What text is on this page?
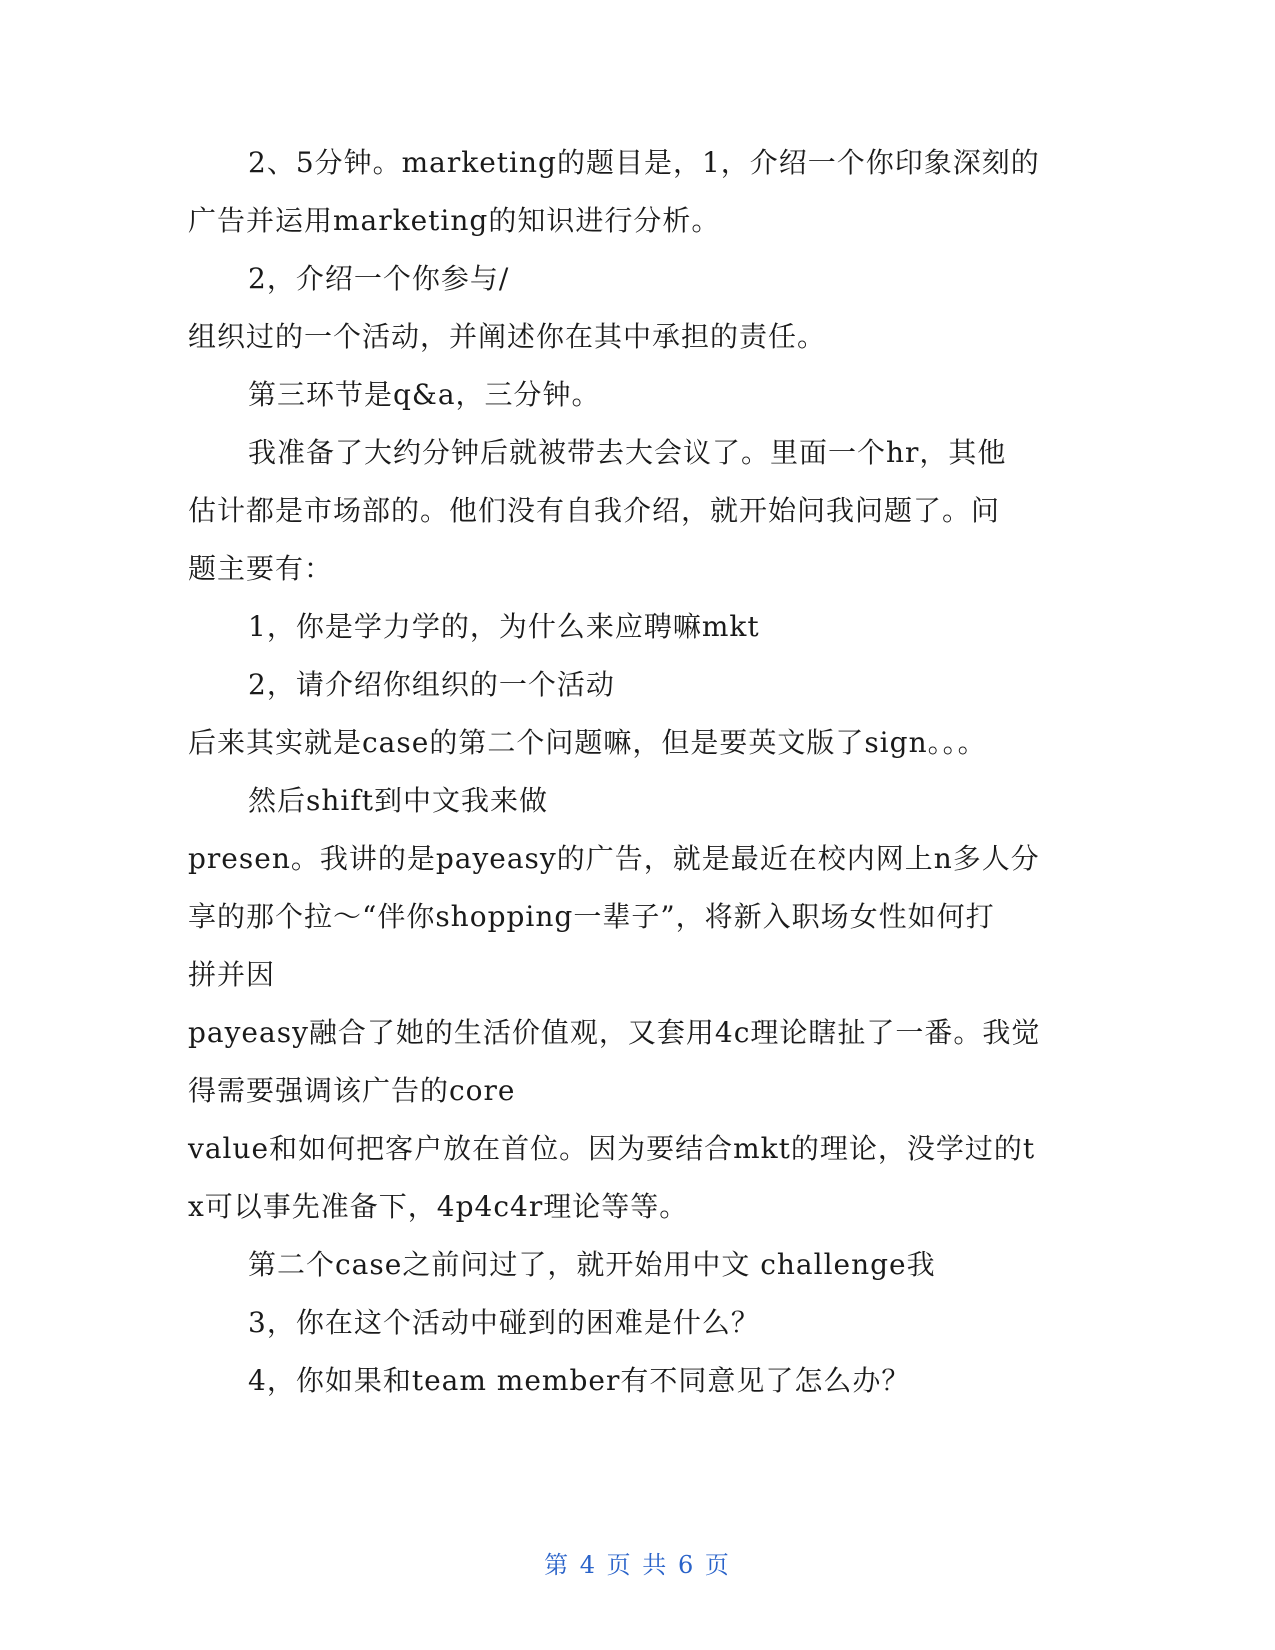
2、5分钟。marketing的题目是，1，介绍一个你印象深刻的
广告并运用marketing的知识进行分析。
2，介绍一个你参与/
组织过的一个活动，并阐述你在其中承担的责任。
第三环节是q&a，三分钟。
我准备了大约分钟后就被带去大会议了。里面一个hr，其他
估计都是市场部的。他们没有自我介绍，就开始问我问题了。问
题主要有：
1，你是学力学的，为什么来应聘嘛mkt
2，请介绍你组织的一个活动
后来其实就是case的第二个问题嘛，但是要英文版了sign。。。
然后shift到中文我来做
presen。我讲的是payeasy的广告，就是最近在校内网上n多人分
享的那个拉～“伴你shopping一辈子”，将新入职场女性如何打
拼并因
payeasy融合了她的生活价值观，又套用4c理论瞎扯了一番。我觉
得需要强调该广告的core
value和如何把客户放在首位。因为要结合mkt的理论，没学过的t
x可以事先准备下，4p4c4r理论等等。
第二个case之前问过了，就开始用中文 challenge我
3，你在这个活动中碰到的困难是什么？
4，你如果和team member有不同意见了怎么办？
第 4 页 共 6 页
